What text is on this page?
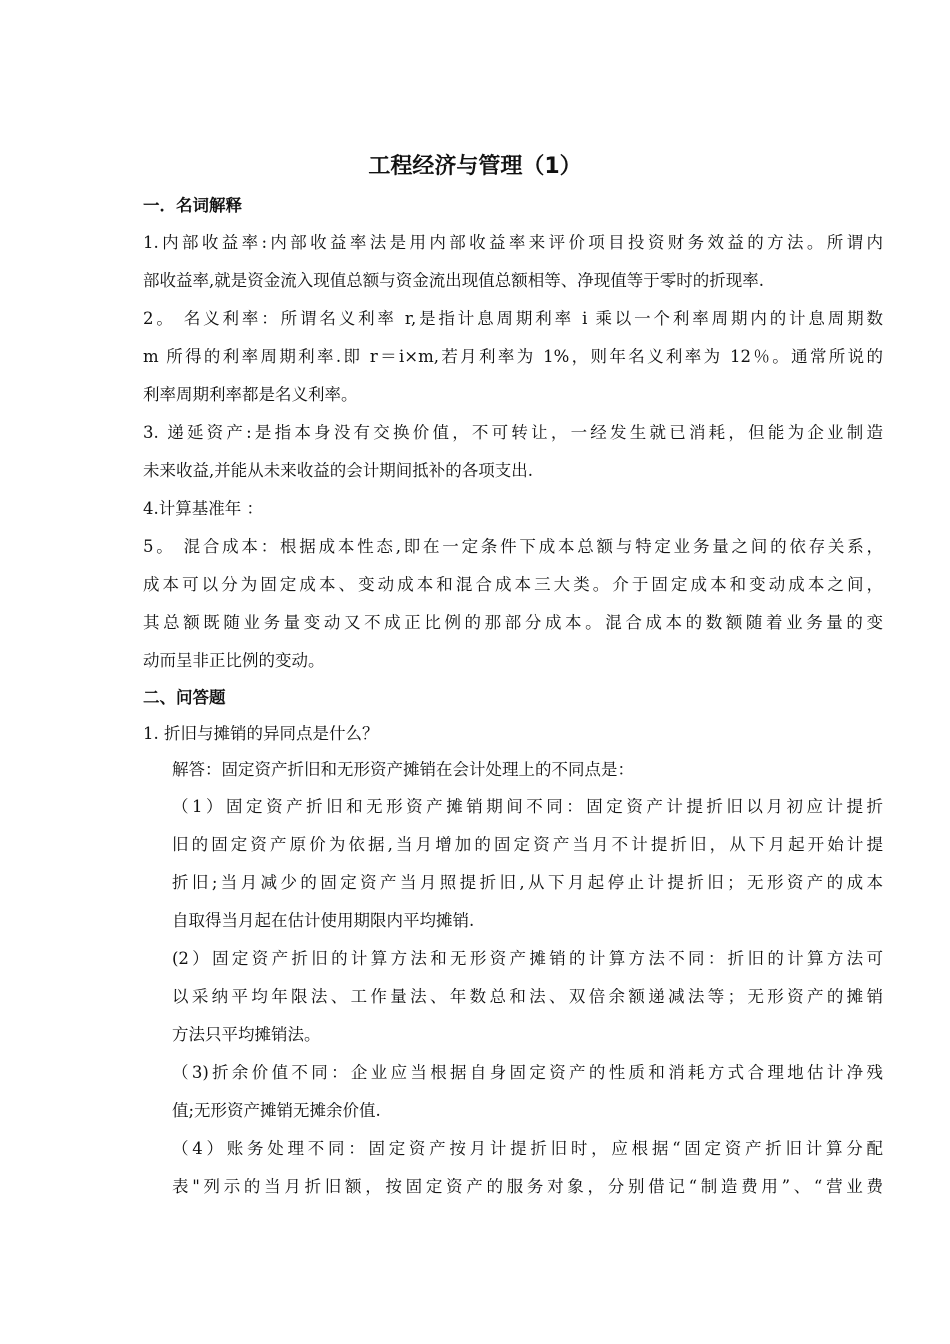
工程经济与管理（1）
一．名词解释
1.内部收益率:内部收益率法是用内部收益率来评价项目投资财务效益的方法。所谓内
部收益率,就是资金流入现值总额与资金流出现值总额相等、净现值等于零时的折现率.
2。 名义利率：所谓名义利率 r,是指计息周期利率 i 乘以一个利率周期内的计息周期数
m 所得的利率周期利率.即 r＝i×m,若月利率为 1%，则年名义利率为 12％。通常所说的
利率周期利率都是名义利率。
3. 递延资产:是指本身没有交换价值，不可转让，一经发生就已消耗，但能为企业制造
未来收益,并能从未来收益的会计期间抵补的各项支出.
4.计算基准年 ：
5。 混合成本：根据成本性态,即在一定条件下成本总额与特定业务量之间的依存关系，
成本可以分为固定成本、变动成本和混合成本三大类。介于固定成本和变动成本之间，
其总额既随业务量变动又不成正比例的那部分成本。混合成本的数额随着业务量的变
动而呈非正比例的变动。
二、问答题
1. 折旧与摊销的异同点是什么？
解答：固定资产折旧和无形资产摊销在会计处理上的不同点是：
（1）固定资产折旧和无形资产摊销期间不同：固定资产计提折旧以月初应计提折
旧的固定资产原价为依据,当月增加的固定资产当月不计提折旧，从下月起开始计提
折旧;当月减少的固定资产当月照提折旧,从下月起停止计提折旧；无形资产的成本
自取得当月起在估计使用期限内平均摊销.
(2）固定资产折旧的计算方法和无形资产摊销的计算方法不同：折旧的计算方法可
以采纳平均年限法、工作量法、年数总和法、双倍余额递减法等；无形资产的摊销
方法只平均摊销法。
（3)折余价值不同：企业应当根据自身固定资产的性质和消耗方式合理地估计净残
值;无形资产摊销无摊余价值.
（4）账务处理不同：固定资产按月计提折旧时，应根据“固定资产折旧计算分配
表"列示的当月折旧额，按固定资产的服务对象，分别借记“制造费用”、“营业费
